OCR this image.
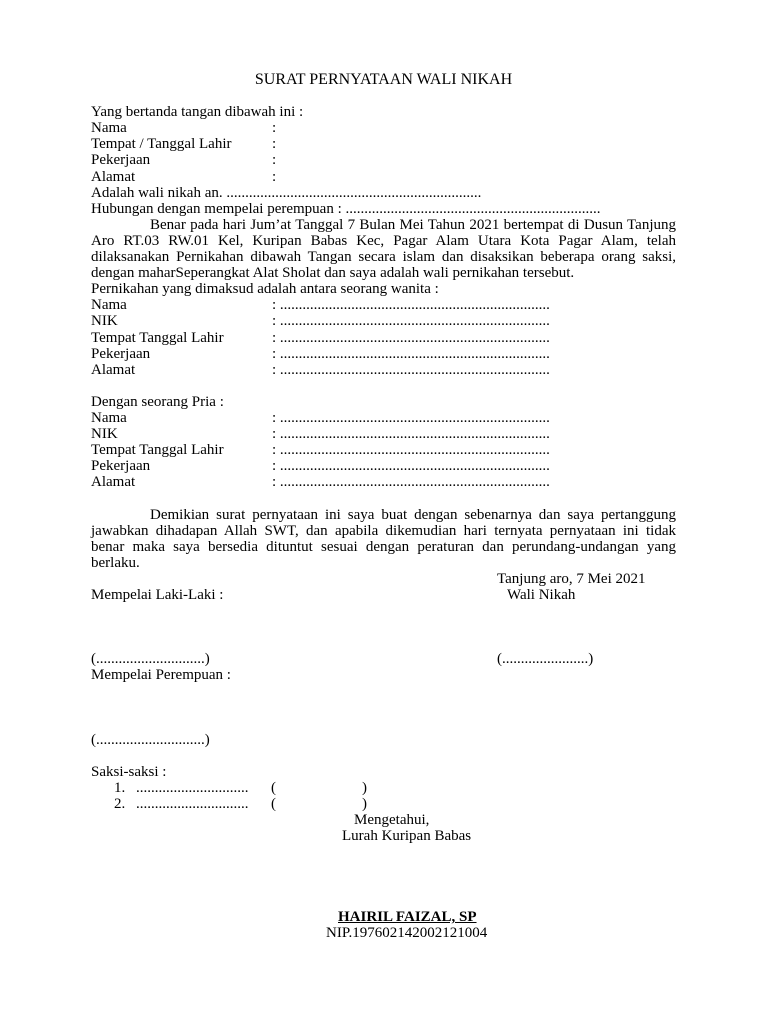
SURAT PERNYATAAN WALI NIKAH
Yang bertanda tangan dibawah ini :
Nama	:
Tempat / Tanggal Lahir	:
Pekerjaan	:
Alamat	:
Adalah wali nikah an. ....................................................................
Hubungan dengan mempelai perempuan : ....................................................................
Benar pada hari Jum’at Tanggal 7 Bulan Mei Tahun 2021 bertempat di Dusun Tanjung
Aro RT.03 RW.01 Kel, Kuripan Babas Kec, Pagar Alam Utara Kota Pagar Alam, telah
dilaksanakan Pernikahan dibawah Tangan secara islam dan disaksikan beberapa orang saksi,
dengan maharSeperangkat Alat Sholat dan saya adalah wali pernikahan tersebut.
Pernikahan yang dimaksud adalah antara seorang wanita :
Nama	: ........................................................................
NIK	: ........................................................................
Tempat Tanggal Lahir	: ........................................................................
Pekerjaan	: ........................................................................
Alamat	: ........................................................................
Dengan seorang Pria :
Nama	: ........................................................................
NIK	: ........................................................................
Tempat Tanggal Lahir	: ........................................................................
Pekerjaan	: ........................................................................
Alamat	: ........................................................................
Demikian surat pernyataan ini saya buat dengan sebenarnya dan saya pertanggung
jawabkan dihadapan Allah SWT, dan apabila dikemudian hari ternyata pernyataan ini tidak
benar maka saya bersedia dituntut sesuai dengan peraturan dan perundang-undangan yang
berlaku.
Tanjung aro, 7 Mei 2021
Mempelai Laki-Laki :	Wali Nikah
(.............................)	(.......................)
Mempelai Perempuan :
(.............................)
Saksi-saksi :
1. .............................. (	)
2. .............................. (	)
Mengetahui,
Lurah Kuripan Babas
HAIRIL FAIZAL, SP
NIP.197602142002121004
